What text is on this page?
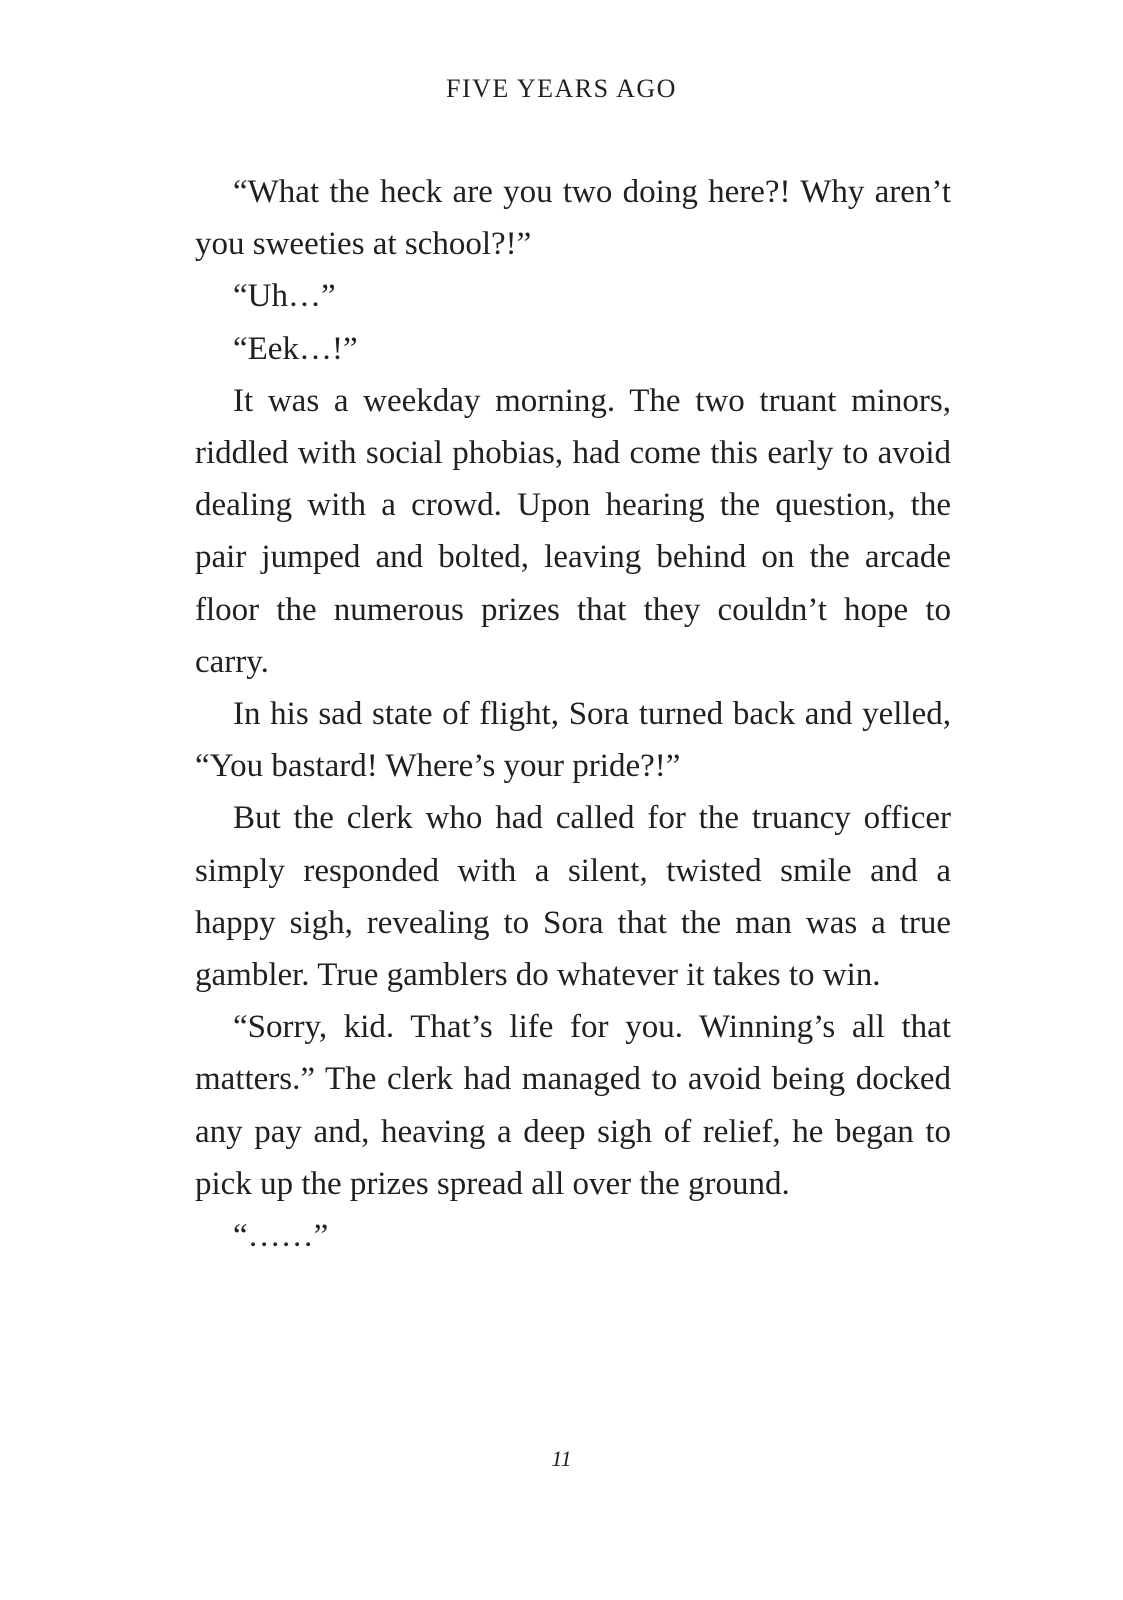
FIVE YEARS AGO

“What the heck are you two doing here?! Why aren’t you sweeties at school?!”

“Uh…”

“Eek…!”

It was a weekday morning. The two truant minors, riddled with social phobias, had come this early to avoid dealing with a crowd. Upon hearing the question, the pair jumped and bolted, leaving behind on the arcade floor the numerous prizes that they couldn’t hope to carry.

In his sad state of flight, Sora turned back and yelled, “You bastard! Where’s your pride?!”

But the clerk who had called for the truancy officer simply responded with a silent, twisted smile and a happy sigh, revealing to Sora that the man was a true gambler. True gamblers do whatever it takes to win.

“Sorry, kid. That’s life for you. Winning’s all that matters.” The clerk had managed to avoid being docked any pay and, heaving a deep sigh of relief, he began to pick up the prizes spread all over the ground.

“……”

11
